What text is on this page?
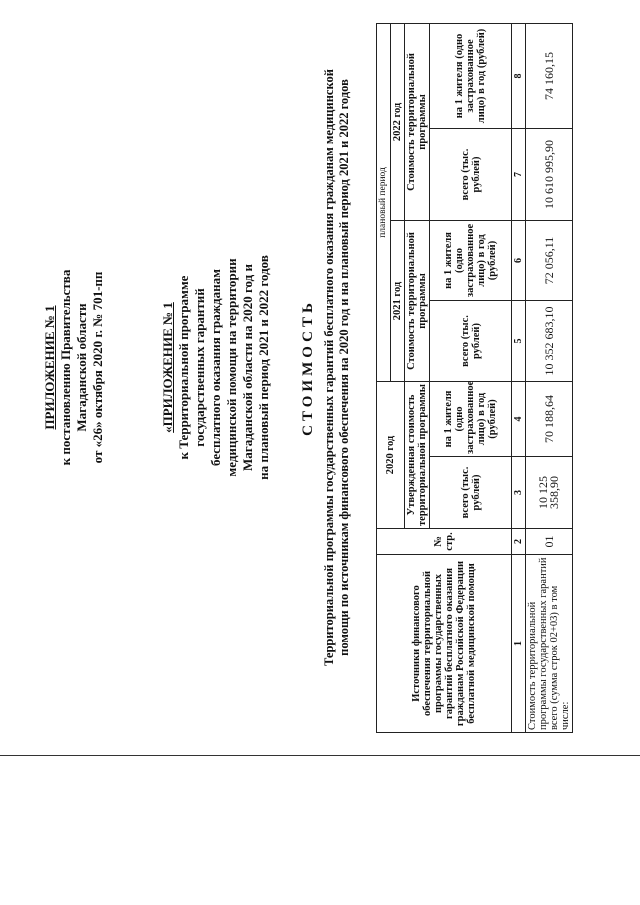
ПРИЛОЖЕНИЕ № 1 к постановлению Правительства Магаданской области от «26» октября 2020 г. № 701-пп	«ПРИЛОЖЕНИЕ № 1 к Территориальной программе государственных гарантий бесплатного оказания гражданам медицинской помощи на территории Магаданской области на 2020 год и на плановый период 2021 и 2022 годов СТОИМОСТЬ Территориальной программы государственных гарантий бесплатного оказания гражданам медицинской помощи по источникам финансового обеспечения на 2020 год и на плановый период 2021 и 2022 годов	Источники финансового обеспечения территориальной программы государственных гарантий бесплатного оказания гражданам Российской Федерации бесплатной медицинской помощи	№ стр.	2020 год		плановый период			
				2021 год		2022 год	
		Утвержденная стоимость территориальной программы		Стоимость территориальной программы		Стоимость территориальной программы	
		всего (тыс. рублей)	на 1 жителя (одно застрахованное лицо) в год (рублей)	всего (тыс. рублей)	на 1 жителя (одно застрахованное лицо) в год (рублей)	всего (тыс. рублей)	на 1 жителя (одно застрахованное лицо) в год (рублей)
1	2	3	4	5	6	7	8
Стоимость территориальной программы государственных гарантий всего (сумма строк 02+03) в том числе:	01	10 125 358,90	70 188,64	10 352 683,10	72 056,11	10 610 995,90	74 160,15
